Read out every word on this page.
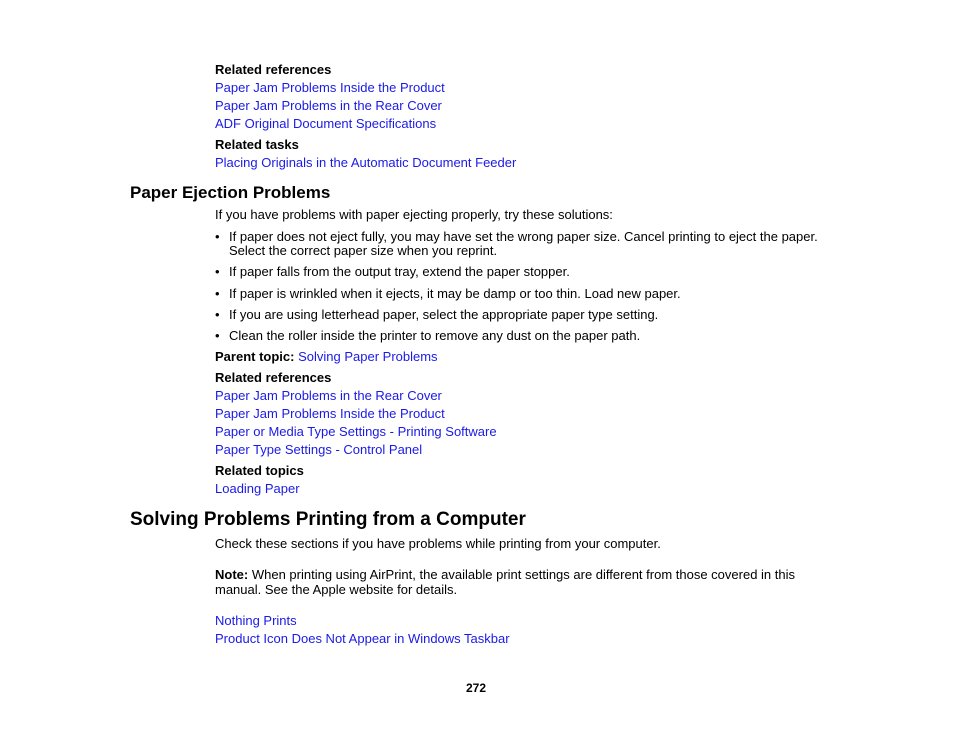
Related references
Paper Jam Problems Inside the Product
Paper Jam Problems in the Rear Cover
ADF Original Document Specifications
Related tasks
Placing Originals in the Automatic Document Feeder
Paper Ejection Problems
If you have problems with paper ejecting properly, try these solutions:
• If paper does not eject fully, you may have set the wrong paper size. Cancel printing to eject the paper.
Select the correct paper size when you reprint.
• If paper falls from the output tray, extend the paper stopper.
• If paper is wrinkled when it ejects, it may be damp or too thin. Load new paper.
• If you are using letterhead paper, select the appropriate paper type setting.
• Clean the roller inside the printer to remove any dust on the paper path.
Parent topic: Solving Paper Problems
Related references
Paper Jam Problems in the Rear Cover
Paper Jam Problems Inside the Product
Paper or Media Type Settings - Printing Software
Paper Type Settings - Control Panel
Related topics
Loading Paper
Solving Problems Printing from a Computer
Check these sections if you have problems while printing from your computer.
Note: When printing using AirPrint, the available print settings are different from those covered in this
manual. See the Apple website for details.
Nothing Prints
Product Icon Does Not Appear in Windows Taskbar
272
